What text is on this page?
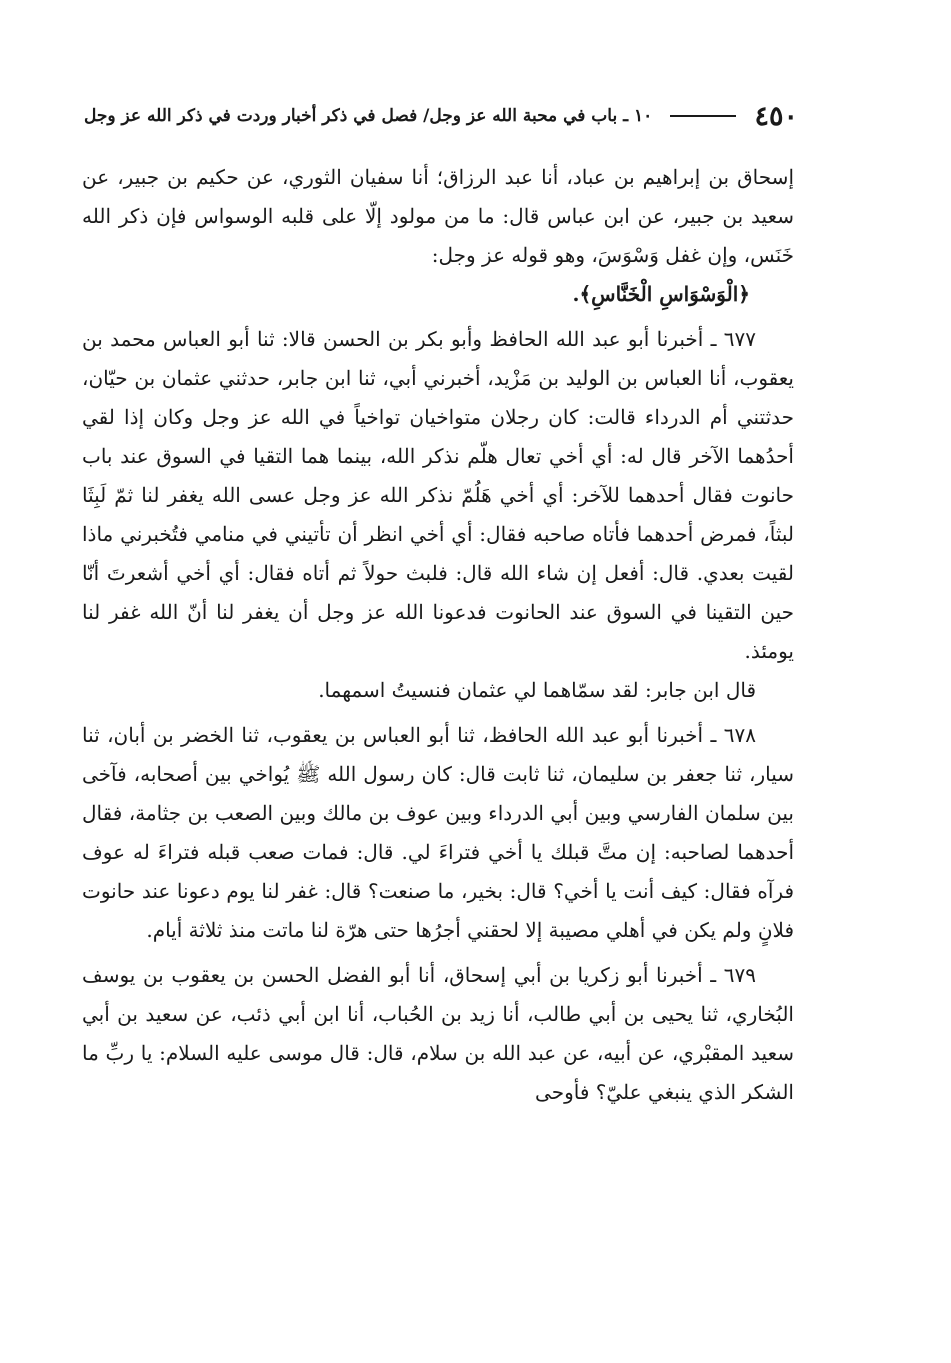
٤٥٠
١٠ ـ باب في محبة الله عز وجل/ فصل في ذكر أخبار وردت في ذكر الله عز وجل

إسحاق بن إبراهيم بن عباد، أنا عبد الرزاق؛ أنا سفيان الثوري، عن حكيم بن جبير، عن سعيد بن جبير، عن ابن عباس قال: ما من مولود إلّا على قلبه الوسواس فإن ذكر الله خَنَس، وإن غفل وَسْوَسَ، وهو قوله عز وجل:

﴿الْوَسْوَاسِ الْخَنَّاسِ﴾.

٦٧٧ ـ أخبرنا أبو عبد الله الحافظ وأبو بكر بن الحسن قالا: ثنا أبو العباس محمد بن يعقوب، أنا العباس بن الوليد بن مَزْيد، أخبرني أبي، ثنا ابن جابر، حدثني عثمان بن حيّان، حدثتني أم الدرداء قالت: كان رجلان متواخيان تواخياً في الله عز وجل وكان إذا لقي أحدُهما الآخر قال له: أي أخي تعال هلّم نذكر الله، بينما هما التقيا في السوق عند باب حانوت فقال أحدهما للآخر: أي أخي هَلُمّ نذكر الله عز وجل عسى الله يغفر لنا ثمّ لَبِثَا لبثاً، فمرض أحدهما فأتاه صاحبه فقال: أي أخي انظر أن تأتيني في منامي فتُخبرني ماذا لقيت بعدي. قال: أفعل إن شاء الله قال: فلبث حولاً ثم أتاه فقال: أي أخي أشعرتَ أنّا حين التقينا في السوق عند الحانوت فدعونا الله عز وجل أن يغفر لنا أنّ الله غفر لنا يومئذ.

قال ابن جابر: لقد سمّاهما لي عثمان فنسيتُ اسمهما.

٦٧٨ ـ أخبرنا أبو عبد الله الحافظ، ثنا أبو العباس بن يعقوب، ثنا الخضر بن أبان، ثنا سيار، ثنا جعفر بن سليمان، ثنا ثابت قال: كان رسول الله ﷺ يُواخي بين أصحابه، فآخى بين سلمان الفارسي وبين أبي الدرداء وبين عوف بن مالك وبين الصعب بن جثامة، فقال أحدهما لصاحبه: إن متَّ قبلك يا أخي فتراءَ لي. قال: فمات صعب قبله فتراءَ له عوف فرآه فقال: كيف أنت يا أخي؟ قال: بخير، ما صنعت؟ قال: غفر لنا يوم دعونا عند حانوت فلانٍ ولم يكن في أهلي مصيبة إلا لحقني أجرُها حتى هرّة لنا ماتت منذ ثلاثة أيام.

٦٧٩ ـ أخبرنا أبو زكريا بن أبي إسحاق، أنا أبو الفضل الحسن بن يعقوب بن يوسف البُخاري، ثنا يحيى بن أبي طالب، أنا زيد بن الحُباب، أنا ابن أبي ذئب، عن سعيد بن أبي سعيد المقبْري، عن أبيه، عن عبد الله بن سلام، قال: قال موسى عليه السلام: يا ربِّ ما الشكر الذي ينبغي عليّ؟ فأوحى
